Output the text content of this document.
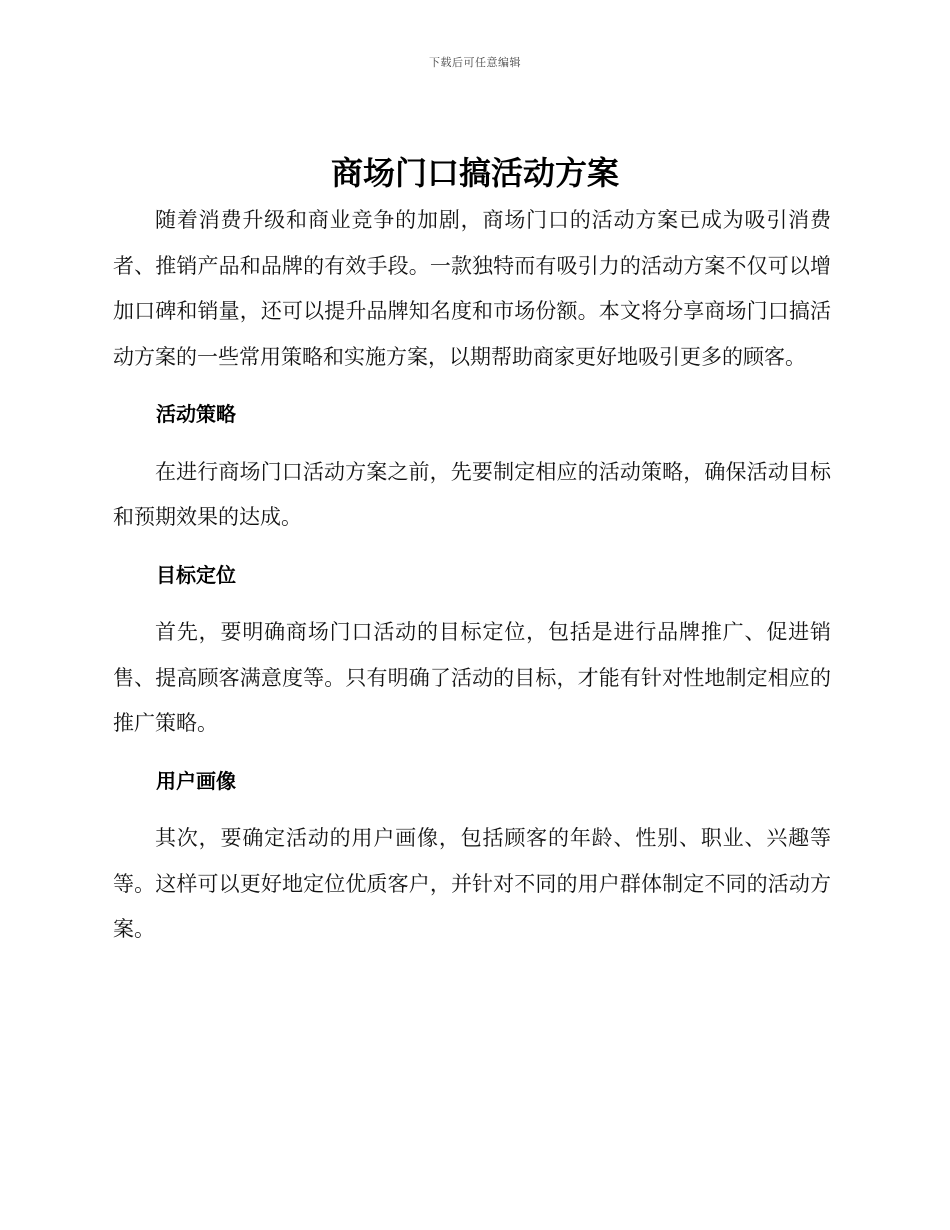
下载后可任意编辑
商场门口搞活动方案

随着消费升级和商业竞争的加剧，商场门口的活动方案已成为吸引消费者、推销产品和品牌的有效手段。一款独特而有吸引力的活动方案不仅可以增加口碑和销量，还可以提升品牌知名度和市场份额。本文将分享商场门口搞活动方案的一些常用策略和实施方案，以期帮助商家更好地吸引更多的顾客。

活动策略

在进行商场门口活动方案之前，先要制定相应的活动策略，确保活动目标和预期效果的达成。

目标定位

首先，要明确商场门口活动的目标定位，包括是进行品牌推广、促进销售、提高顾客满意度等。只有明确了活动的目标，才能有针对性地制定相应的推广策略。

用户画像

其次，要确定活动的用户画像，包括顾客的年龄、性别、职业、兴趣等等。这样可以更好地定位优质客户，并针对不同的用户群体制定不同的活动方案。
